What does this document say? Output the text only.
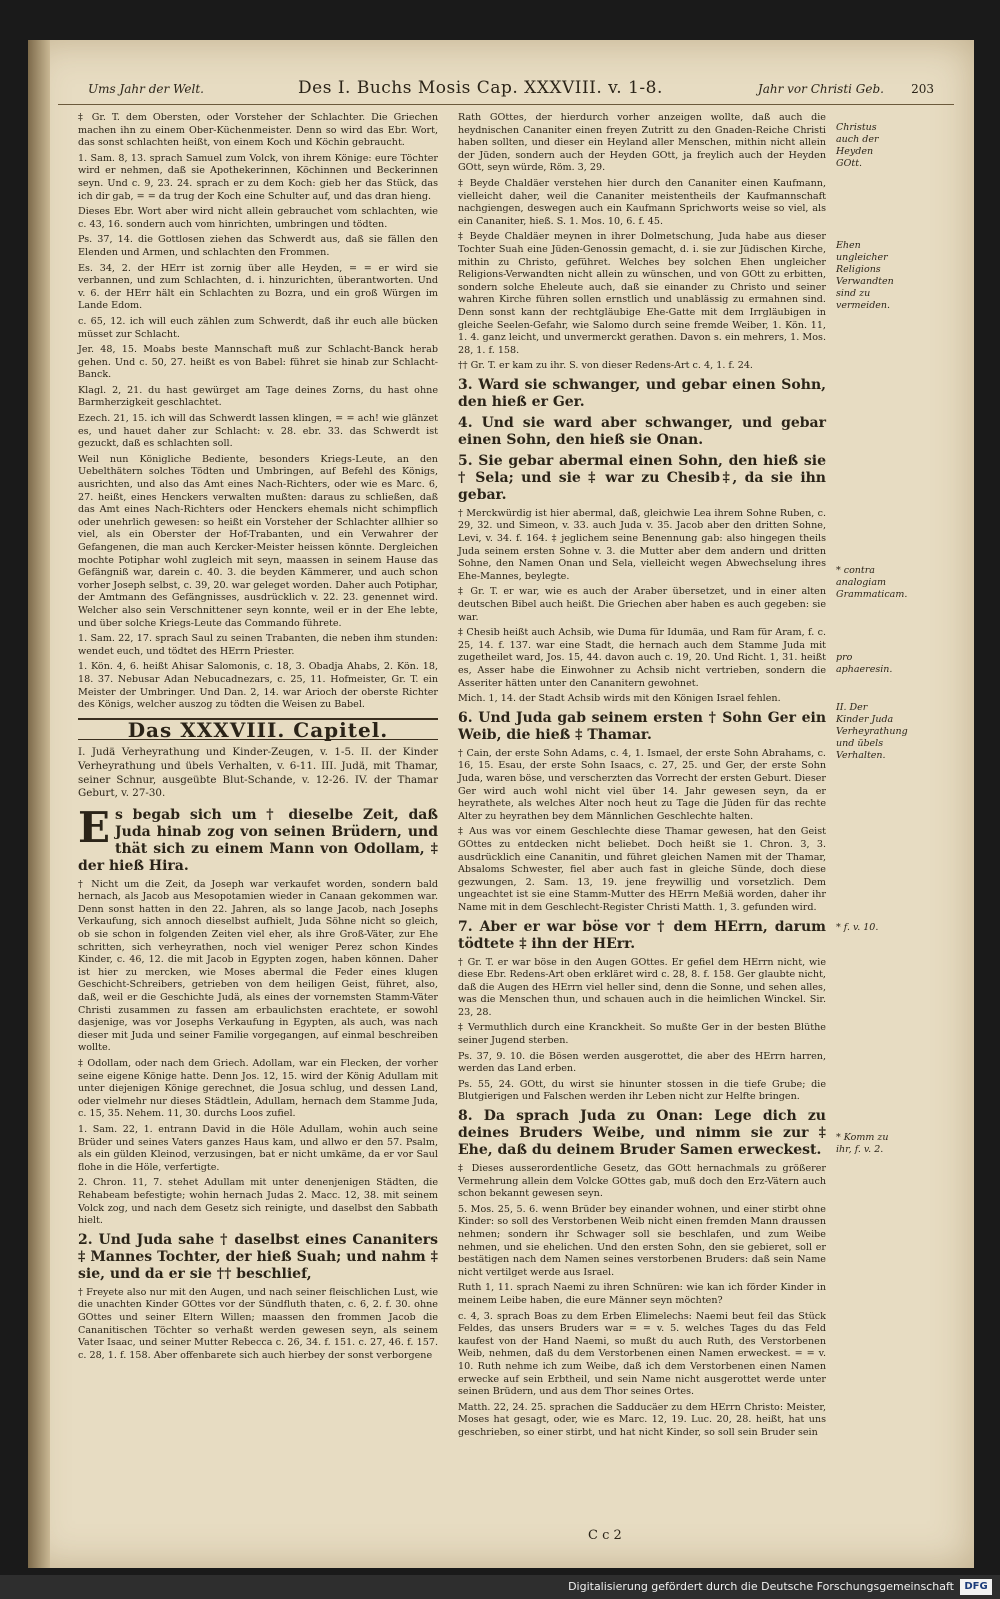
Ums Jahr der Welt.	Des I. Buchs Mosis Cap. XXXVIII. v. 1-8.	Jahr vor Christi Geb. 203

‡ Gr. T. dem Obersten, oder Vorsteher der Schlachter. Die Griechen machen ihn zu einem Ober-Küchenmeister. Denn so wird das Ebr. Wort, das sonst schlachten heißt, von einem Koch und Köchin gebraucht.

1. Sam. 8, 13. sprach Samuel zum Volck, von ihrem Könige: eure Töchter wird er nehmen, daß sie Apothekerinnen, Köchinnen und Beckerinnen seyn. Und c. 9, 23. 24. sprach er zu dem Koch: gieb her das Stück, das ich dir gab, = = da trug der Koch eine Schulter auf, und das dran hieng.

Dieses Ebr. Wort aber wird nicht allein gebrauchet vom schlachten, wie c. 43, 16. sondern auch vom hinrichten, umbringen und tödten.

Ps. 37, 14. die Gottlosen ziehen das Schwerdt aus, daß sie fällen den Elenden und Armen, und schlachten den Frommen.

Es. 34, 2. der HErr ist zornig über alle Heyden, = = er wird sie verbannen, und zum Schlachten, d. i. hinzurichten, überantworten. Und v. 6. der HErr hält ein Schlachten zu Bozra, und ein groß Würgen im Lande Edom.

c. 65, 12. ich will euch zählen zum Schwerdt, daß ihr euch alle bücken müsset zur Schlacht.

Jer. 48, 15. Moabs beste Mannschaft muß zur Schlacht-Banck herab gehen. Und c. 50, 27. heißt es von Babel: führet sie hinab zur Schlacht-Banck.

Klagl. 2, 21. du hast gewürget am Tage deines Zorns, du hast ohne Barmherzigkeit geschlachtet.

Ezech. 21, 15. ich will das Schwerdt lassen klingen, = = ach! wie glänzet es, und hauet daher zur Schlacht: v. 28. ebr. 33. das Schwerdt ist gezuckt, daß es schlachten soll.

Weil nun Königliche Bediente, besonders Kriegs-Leute, an den Uebelthätern solches Tödten und Umbringen, auf Befehl des Königs, ausrichten, und also das Amt eines Nach-Richters, oder wie es Marc. 6, 27. heißt, eines Henckers verwalten mußten: daraus zu schließen, daß das Amt eines Nach-Richters oder Henckers ehemals nicht schimpflich oder unehrlich gewesen: so heißt ein Vorsteher der Schlachter allhier so viel, als ein Oberster der Hof-Trabanten, und ein Verwahrer der Gefangenen, die man auch Kercker-Meister heissen könnte. Dergleichen mochte Potiphar wohl zugleich mit seyn, maassen in seinem Hause das Gefängniß war, darein c. 40. 3. die beyden Kämmerer, und auch schon vorher Joseph selbst, c. 39, 20. war geleget worden. Daher auch Potiphar, der Amtmann des Gefängnisses, ausdrücklich v. 22. 23. genennet wird. Welcher also sein Verschnittener seyn konnte, weil er in der Ehe lebte, und über solche Kriegs-Leute das Commando führete.

1. Sam. 22, 17. sprach Saul zu seinen Trabanten, die neben ihm stunden: wendet euch, und tödtet des HErrn Priester.

1. Kön. 4, 6. heißt Ahisar Salomonis, c. 18, 3. Obadja Ahabs, 2. Kön. 18, 18. 37. Nebusar Adan Nebucadnezars, c. 25, 11. Hofmeister, Gr. T. ein Meister der Umbringer. Und Dan. 2, 14. war Arioch der oberste Richter des Königs, welcher auszog zu tödten die Weisen zu Babel.

Das XXXVIII. Capitel.
I. Judä Verheyrathung und Kinder-Zeugen, v. 1-5. II. der Kinder Verheyrathung und übels Verhalten, v. 6-11. III. Judä, mit Thamar, seiner Schnur, ausgeübte Blut-Schande, v. 12-26. IV. der Thamar Geburt, v. 27-30.
Es begab sich um † dieselbe Zeit, daß Juda hinab zog von seinen Brüdern, und thät sich zu einem Mann von Odollam, ‡ der hieß Hira.

† Nicht um die Zeit, da Joseph war verkaufet worden, sondern bald hernach, als Jacob aus Mesopotamien wieder in Canaan gekommen war. Denn sonst hatten in den 22. Jahren, als so lange Jacob, nach Josephs Verkaufung, sich annoch dieselbst aufhielt, Juda Söhne nicht so gleich, ob sie schon in folgenden Zeiten viel eher, als ihre Groß-Väter, zur Ehe schritten, sich verheyrathen, noch viel weniger Perez schon Kindes Kinder, c. 46, 12. die mit Jacob in Egypten zogen, haben können. Daher ist hier zu mercken, wie Moses abermal die Feder eines klugen Geschicht-Schreibers, getrieben von dem heiligen Geist, führet, also, daß, weil er die Geschichte Judä, als eines der vornemsten Stamm-Väter Christi zusammen zu fassen am erbaulichsten erachtete, er sowohl dasjenige, was vor Josephs Verkaufung in Egypten, als auch, was nach dieser mit Juda und seiner Familie vorgegangen, auf einmal beschreiben wollte.

‡ Odollam, oder nach dem Griech. Adollam, war ein Flecken, der vorher seine eigene Könige hatte. Denn Jos. 12, 15. wird der König Adullam mit unter diejenigen Könige gerechnet, die Josua schlug, und dessen Land, oder vielmehr nur dieses Städtlein, Adullam, hernach dem Stamme Juda, c. 15, 35. Nehem. 11, 30. durchs Loos zufiel.

1. Sam. 22, 1. entrann David in die Höle Adullam, wohin auch seine Brüder und seines Vaters ganzes Haus kam, und allwo er den 57. Psalm, als ein gülden Kleinod, verzusingen, bat er nicht umkäme, da er vor Saul flohe in die Höle, verfertigte.

2. Chron. 11, 7. stehet Adullam mit unter denenjenigen Städten, die Rehabeam befestigte; wohin hernach Judas 2. Macc. 12, 38. mit seinem Volck zog, und nach dem Gesetz sich reinigte, und daselbst den Sabbath hielt.

2. Und Juda sahe † daselbst eines Cananiters ‡ Mannes Tochter, der hieß Suah; und nahm ‡ sie, und da er sie †† beschlief,

† Freyete also nur mit den Augen, und nach seiner fleischlichen Lust, wie die unachten Kinder GOttes vor der Sündfluth thaten, c. 6, 2. f. 30. ohne GOttes und seiner Eltern Willen; maassen den frommen Jacob die Cananitischen Töchter so verhaßt werden gewesen seyn, als seinem Vater Isaac, und seiner Mutter Rebecca c. 26, 34. f. 151. c. 27, 46. f. 157. c. 28, 1. f. 158. Aber offenbarete sich auch hierbey der sonst verborgene

Rath GOttes, der hierdurch vorher anzeigen wollte, daß auch die heydnischen Cananiter einen freyen Zutritt zu den Gnaden-Reiche Christi haben sollten, und dieser ein Heyland aller Menschen, mithin nicht allein der Jüden, sondern auch der Heyden GOtt, ja freylich auch der Heyden GOtt, seyn würde, Röm. 3, 29.

‡ Beyde Chaldäer verstehen hier durch den Cananiter einen Kaufmann, vielleicht daher, weil die Cananiter meistentheils der Kaufmannschaft nachgiengen, deswegen auch ein Kaufmann Sprichworts weise so viel, als ein Cananiter, hieß. S. 1. Mos. 10, 6. f. 45.

‡ Beyde Chaldäer meynen in ihrer Dolmetschung, Juda habe aus dieser Tochter Suah eine Jüden-Genossin gemacht, d. i. sie zur Jüdischen Kirche, mithin zu Christo, geführet. Welches bey solchen Ehen ungleicher Religions-Verwandten nicht allein zu wünschen, und von GOtt zu erbitten, sondern solche Eheleute auch, daß sie einander zu Christo und seiner wahren Kirche führen sollen ernstlich und unablässig zu ermahnen sind. Denn sonst kann der rechtgläubige Ehe-Gatte mit dem Irrgläubigen in gleiche Seelen-Gefahr, wie Salomo durch seine fremde Weiber, 1. Kön. 11, 1. 4. ganz leicht, und unvermerckt gerathen. Davon s. ein mehrers, 1. Mos. 28, 1. f. 158.

†† Gr. T. er kam zu ihr. S. von dieser Redens-Art c. 4, 1. f. 24.

3. Ward sie schwanger, und gebar einen Sohn, den hieß er Ger.
4. Und sie ward aber schwanger, und gebar einen Sohn, den hieß sie Onan.
5. Sie gebar abermal einen Sohn, den hieß sie † Sela; und sie ‡ war zu Chesib‡, da sie ihn gebar.

† Merckwürdig ist hier abermal, daß, gleichwie Lea ihrem Sohne Ruben, c. 29, 32. und Simeon, v. 33. auch Juda v. 35. Jacob aber den dritten Sohne, Levi, v. 34. f. 164. ‡ jeglichem seine Benennung gab: also hingegen theils Juda seinem ersten Sohne v. 3. die Mutter aber dem andern und dritten Sohne, den Namen Onan und Sela, vielleicht wegen Abwechselung ihres Ehe-Mannes, beylegte.

‡ Gr. T. er war, wie es auch der Araber übersetzet, und in einer alten deutschen Bibel auch heißt. Die Griechen aber haben es auch gegeben: sie war.

‡ Chesib heißt auch Achsib, wie Duma für Idumäa, und Ram für Aram, f. c. 25, 14. f. 137. war eine Stadt, die hernach auch dem Stamme Juda mit zugetheilet ward, Jos. 15, 44. davon auch c. 19, 20. Und Richt. 1, 31. heißt es, Asser habe die Einwohner zu Achsib nicht vertrieben, sondern die Asseriter hätten unter den Cananitern gewohnet.

Mich. 1, 14. der Stadt Achsib wirds mit den Königen Israel fehlen.

6. Und Juda gab seinem ersten † Sohn Ger ein Weib, die hieß ‡ Thamar.

† Cain, der erste Sohn Adams, c. 4, 1. Ismael, der erste Sohn Abrahams, c. 16, 15. Esau, der erste Sohn Isaacs, c. 27, 25. und Ger, der erste Sohn Juda, waren böse, und verscherzten das Vorrecht der ersten Geburt. Dieser Ger wird auch wohl nicht viel über 14. Jahr gewesen seyn, da er heyrathete, als welches Alter noch heut zu Tage die Jüden für das rechte Alter zu heyrathen bey dem Männlichen Geschlechte halten.

‡ Aus was vor einem Geschlechte diese Thamar gewesen, hat den Geist GOttes zu entdecken nicht beliebet. Doch heißt sie 1. Chron. 3, 3. ausdrücklich eine Cananitin, und führet gleichen Namen mit der Thamar, Absaloms Schwester, fiel aber auch fast in gleiche Sünde, doch diese gezwungen, 2. Sam. 13, 19. jene freywillig und vorsetzlich. Dem ungeachtet ist sie eine Stamm-Mutter des HErrn Meßiä worden, daher ihr Name mit in dem Geschlecht-Register Christi Matth. 1, 3. gefunden wird.

7. Aber er war böse vor † dem HErrn, darum tödtete ‡ ihn der HErr.

† Gr. T. er war böse in den Augen GOttes. Er gefiel dem HErrn nicht, wie diese Ebr. Redens-Art oben erkläret wird c. 28, 8. f. 158. Ger glaubte nicht, daß die Augen des HErrn viel heller sind, denn die Sonne, und sehen alles, was die Menschen thun, und schauen auch in die heimlichen Winckel. Sir. 23, 28.

‡ Vermuthlich durch eine Kranckheit. So mußte Ger in der besten Blüthe seiner Jugend sterben.

Ps. 37, 9. 10. die Bösen werden ausgerottet, die aber des HErrn harren, werden das Land erben.

Ps. 55, 24. GOtt, du wirst sie hinunter stossen in die tiefe Grube; die Blutgierigen und Falschen werden ihr Leben nicht zur Helfte bringen.

8. Da sprach Juda zu Onan: Lege dich zu deines Bruders Weibe, und nimm sie zur ‡ Ehe, daß du deinem Bruder Samen erweckest.

‡ Dieses ausserordentliche Gesetz, das GOtt hernachmals zu größerer Vermehrung allein dem Volcke GOttes gab, muß doch den Erz-Vätern auch schon bekannt gewesen seyn.

5. Mos. 25, 5. 6. wenn Brüder bey einander wohnen, und einer stirbt ohne Kinder: so soll des Verstorbenen Weib nicht einen fremden Mann draussen nehmen; sondern ihr Schwager soll sie beschlafen, und zum Weibe nehmen, und sie ehelichen. Und den ersten Sohn, den sie gebieret, soll er bestätigen nach dem Namen seines verstorbenen Bruders: daß sein Name nicht vertilget werde aus Israel.

Ruth 1, 11. sprach Naemi zu ihren Schnüren: wie kan ich förder Kinder in meinem Leibe haben, die eure Männer seyn möchten?

c. 4, 3. sprach Boas zu dem Erben Elimelechs: Naemi beut feil das Stück Feldes, das unsers Bruders war = = v. 5. welches Tages du das Feld kaufest von der Hand Naemi, so mußt du auch Ruth, des Verstorbenen Weib, nehmen, daß du dem Verstorbenen einen Namen erweckest. = = v. 10. Ruth nehme ich zum Weibe, daß ich dem Verstorbenen einen Namen erwecke auf sein Erbtheil, und sein Name nicht ausgerottet werde unter seinen Brüdern, und aus dem Thor seines Ortes.

Matth. 22, 24. 25. sprachen die Sadducäer zu dem HErrn Christo: Meister, Moses hat gesagt, oder, wie es Marc. 12, 19. Luc. 20, 28. heißt, hat uns geschrieben, so einer stirbt, und hat nicht Kinder, so soll sein Bruder sein

Christus auch der Heyden GOtt.
Ehen ungleicher Religions Verwandten sind zu vermeiden.
* contra analogiam Grammaticam.
pro aphaeresin.
II. Der Kinder Juda Verheyrathung und übels Verhalten.
* f. v. 10.
* Komm zu ihr, f. v. 2.
C c 2
Digitalisierung gefördert durch die Deutsche Forschungsgemeinschaft	DFG
